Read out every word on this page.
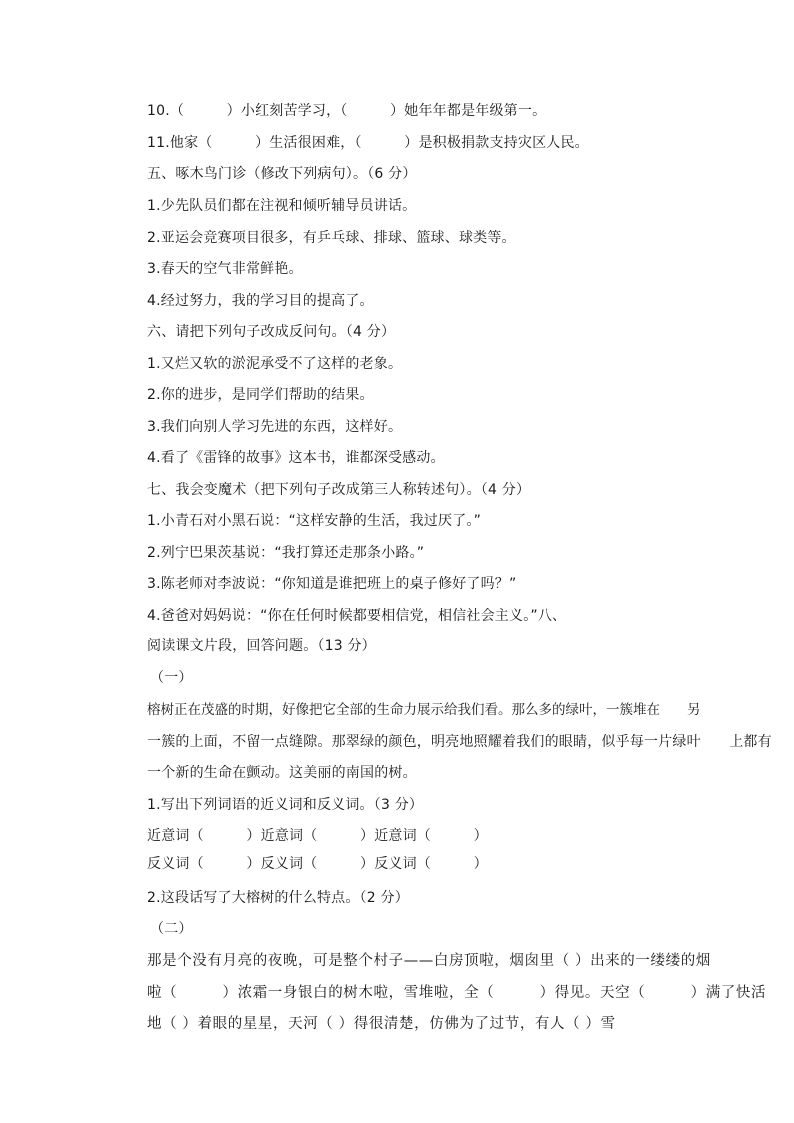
10.（　　　）小红刻苦学习，（　　　）她年年都是年级第一。
11.他家（　　　）生活很困难，（　　　）是积极捐款支持灾区人民。
五、啄木鸟门诊（修改下列病句）。（6 分）
1.少先队员们都在注视和倾听辅导员讲话。
2.亚运会竞赛项目很多，有乒乓球、排球、篮球、球类等。
3.春天的空气非常鲜艳。
4.经过努力，我的学习目的提高了。
六、请把下列句子改成反问句。（4 分）
1.又烂又软的淤泥承受不了这样的老象。
2.你的进步，是同学们帮助的结果。
3.我们向别人学习先进的东西，这样好。
4.看了《雷锋的故事》这本书，谁都深受感动。
七、我会变魔术（把下列句子改成第三人称转述句）。（4 分）
1.小青石对小黑石说：“这样安静的生活，我过厌了。”
2.列宁巴果茨基说：“我打算还走那条小路。”
3.陈老师对李波说：“你知道是谁把班上的桌子修好了吗？”
4.爸爸对妈妈说：“你在任何时候都要相信党，相信社会主义。”八、
阅读课文片段，回答问题。（13 分）
（一）
榕树正在茂盛的时期，好像把它全部的生命力展示给我们看。那么多的绿叶，一簇堆在　　另
一簇的上面，不留一点缝隙。那翠绿的颜色，明亮地照耀着我们的眼睛，似乎每一片绿叶　　上都有
一个新的生命在颤动。这美丽的南国的树。
1.写出下列词语的近义词和反义词。（3 分）
近意词（　　　）近意词（　　　）近意词（　　　）
反义词（　　　）反义词（　　　）反义词（　　　）
2.这段话写了大榕树的什么特点。（2 分）
（二）
那是个没有月亮的夜晚，可是整个村子——白房顶啦，烟囱里（ ）出来的一缕缕的烟
啦（　　　）浓霜一身银白的树木啦，雪堆啦，全（　　　）得见。天空（　　　）满了快活
地（ ）着眼的星星，天河（ ）得很清楚，仿佛为了过节，有人（ ）雪
